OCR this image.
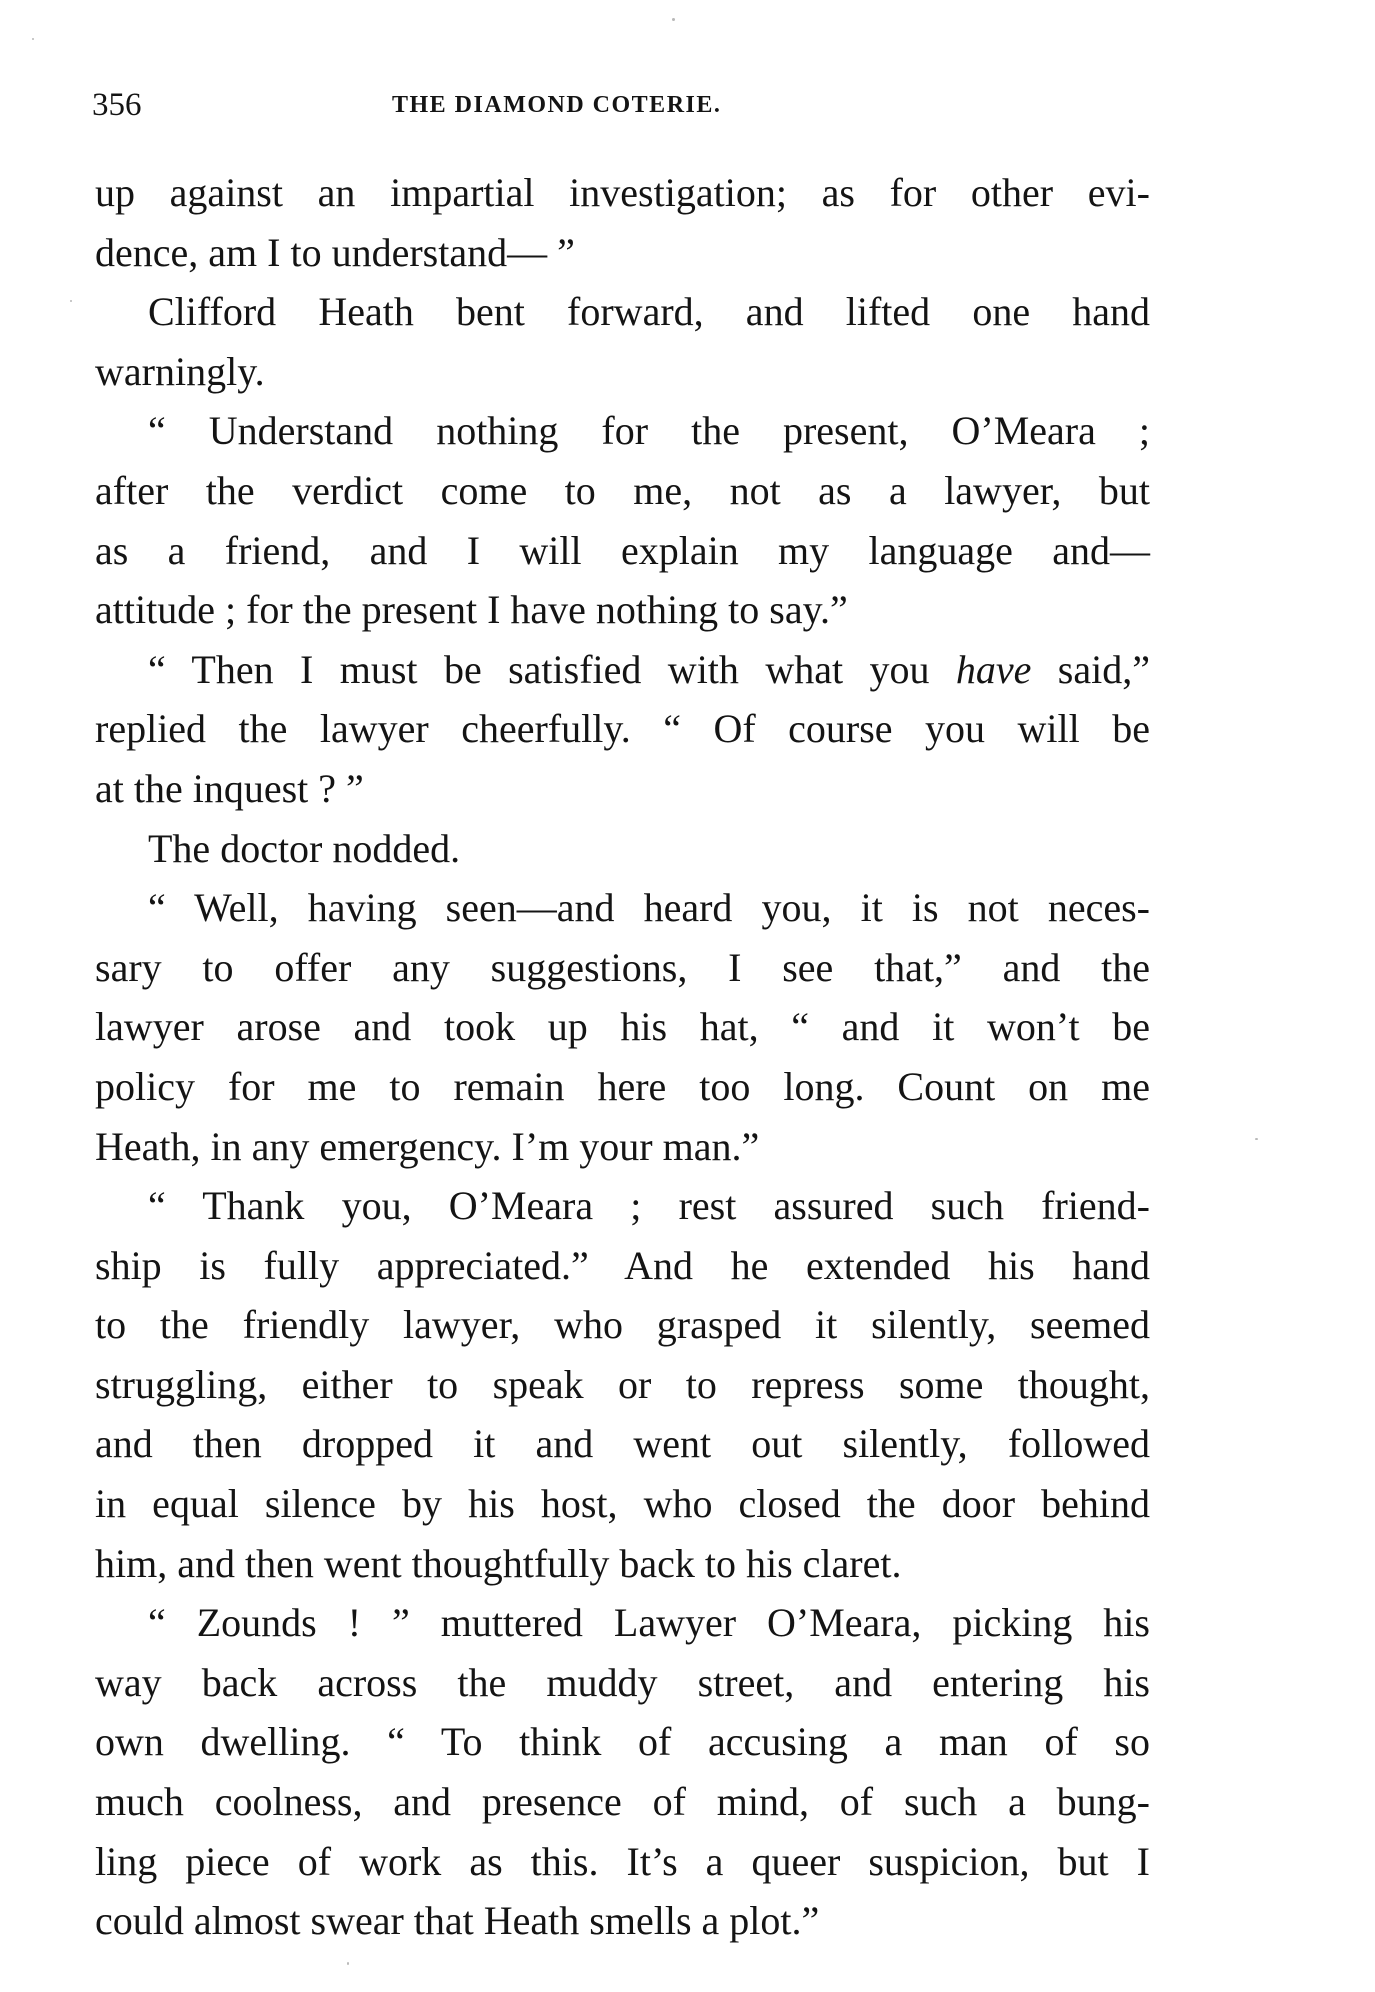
356	THE DIAMOND COTERIE.
up against an impartial investigation; as for other evi-
dence, am I to understand— ”
Clifford Heath bent forward, and lifted one hand
warningly.
“ Understand nothing for the present, O’Meara ;
after the verdict come to me, not as a lawyer, but
as a friend, and I will explain my language and—
attitude ; for the present I have nothing to say.”
“ Then I must be satisfied with what you have said,”
replied the lawyer cheerfully. “ Of course you will be
at the inquest ? ”
The doctor nodded.
“ Well, having seen—and heard you, it is not neces-
sary to offer any suggestions, I see that,” and the
lawyer arose and took up his hat, “ and it won’t be
policy for me to remain here too long. Count on me
Heath, in any emergency. I’m your man.”
“ Thank you, O’Meara ; rest assured such friend-
ship is fully appreciated.” And he extended his hand
to the friendly lawyer, who grasped it silently, seemed
struggling, either to speak or to repress some thought,
and then dropped it and went out silently, followed
in equal silence by his host, who closed the door behind
him, and then went thoughtfully back to his claret.
“ Zounds ! ” muttered Lawyer O’Meara, picking his
way back across the muddy street, and entering his
own dwelling. “ To think of accusing a man of so
much coolness, and presence of mind, of such a bung-
ling piece of work as this. It’s a queer suspicion, but I
could almost swear that Heath smells a plot.”
